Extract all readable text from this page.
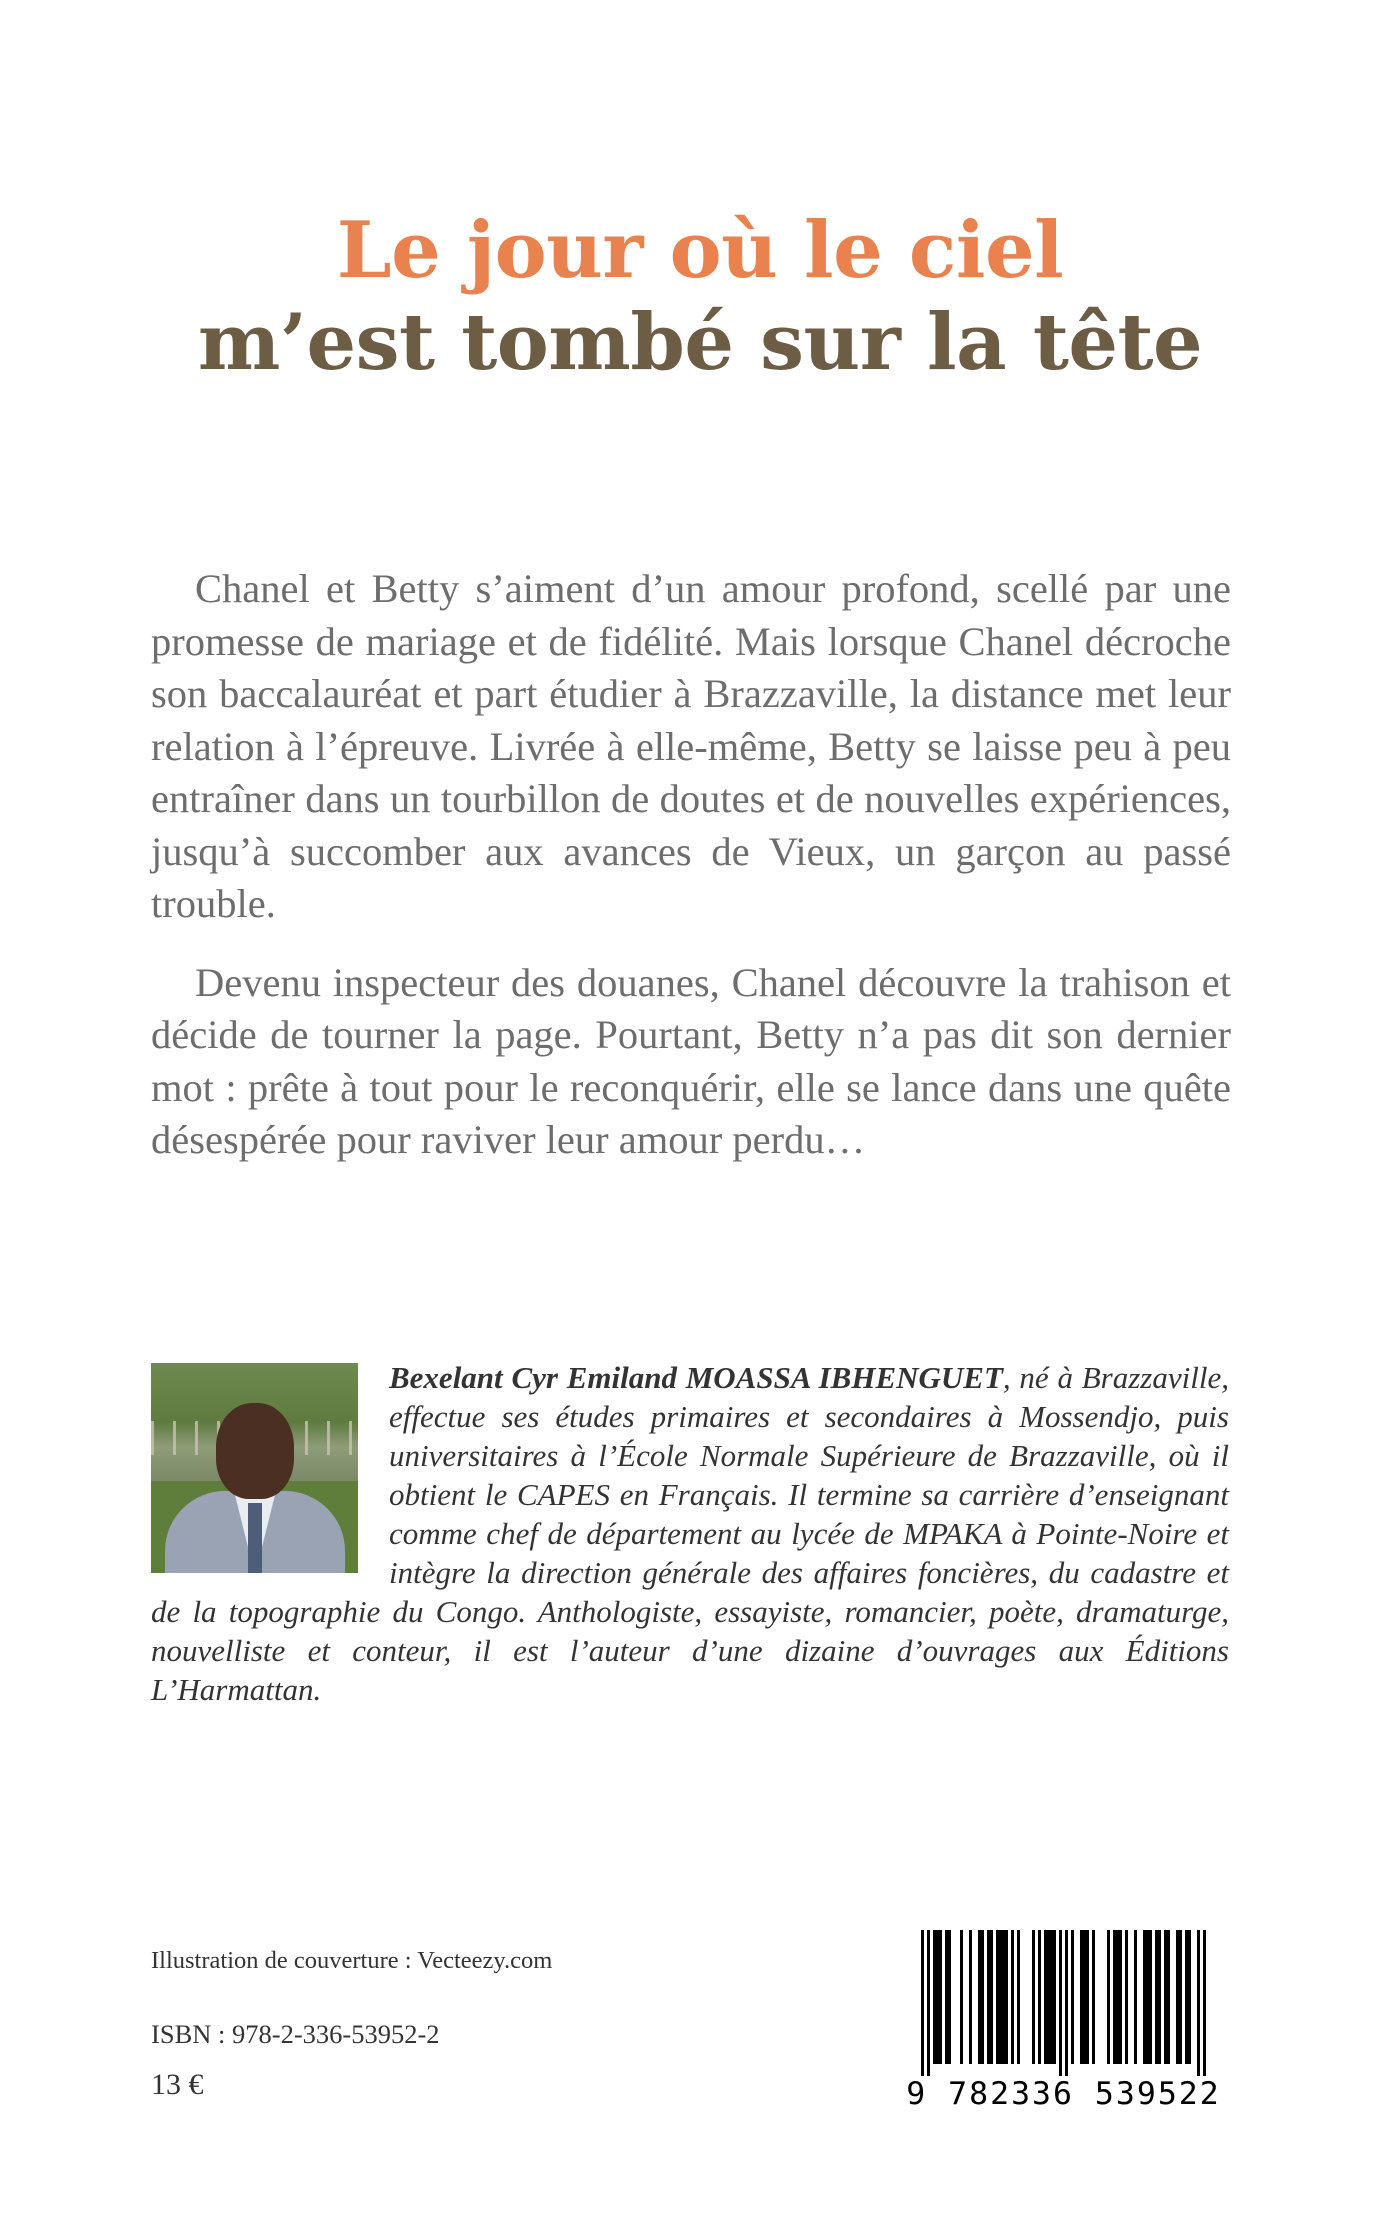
Le jour où le ciel
m’est tombé sur la tête

Chanel et Betty s’aiment d’un amour profond, scellé par une promesse de mariage et de fidélité. Mais lorsque Chanel décroche son baccalauréat et part étudier à Brazzaville, la distance met leur relation à l’épreuve. Livrée à elle-même, Betty se laisse peu à peu entraîner dans un tourbillon de doutes et de nouvelles expériences, jusqu’à succomber aux avances de Vieux, un garçon au passé trouble.

Devenu inspecteur des douanes, Chanel découvre la trahison et décide de tourner la page. Pourtant, Betty n’a pas dit son dernier mot : prête à tout pour le reconquérir, elle se lance dans une quête désespérée pour raviver leur amour perdu…

Bexelant Cyr Emiland MOASSA IBHENGUET, né à Brazzaville, effectue ses études primaires et secondaires à Mossendjo, puis universitaires à l’École Normale Supérieure de Brazzaville, où il obtient le CAPES en Français. Il termine sa carrière d’enseignant comme chef de département au lycée de MPAKA à Pointe-Noire et intègre la direction générale des affaires foncières, du cadastre et de la topographie du Congo. Anthologiste, essayiste, romancier, poète, dramaturge, nouvelliste et conteur, il est l’auteur d’une dizaine d’ouvrages aux Éditions L’Harmattan.
Illustration de couverture : Vecteezy.com
ISBN : 978-2-336-53952-2
13 €	9 782336 539522
